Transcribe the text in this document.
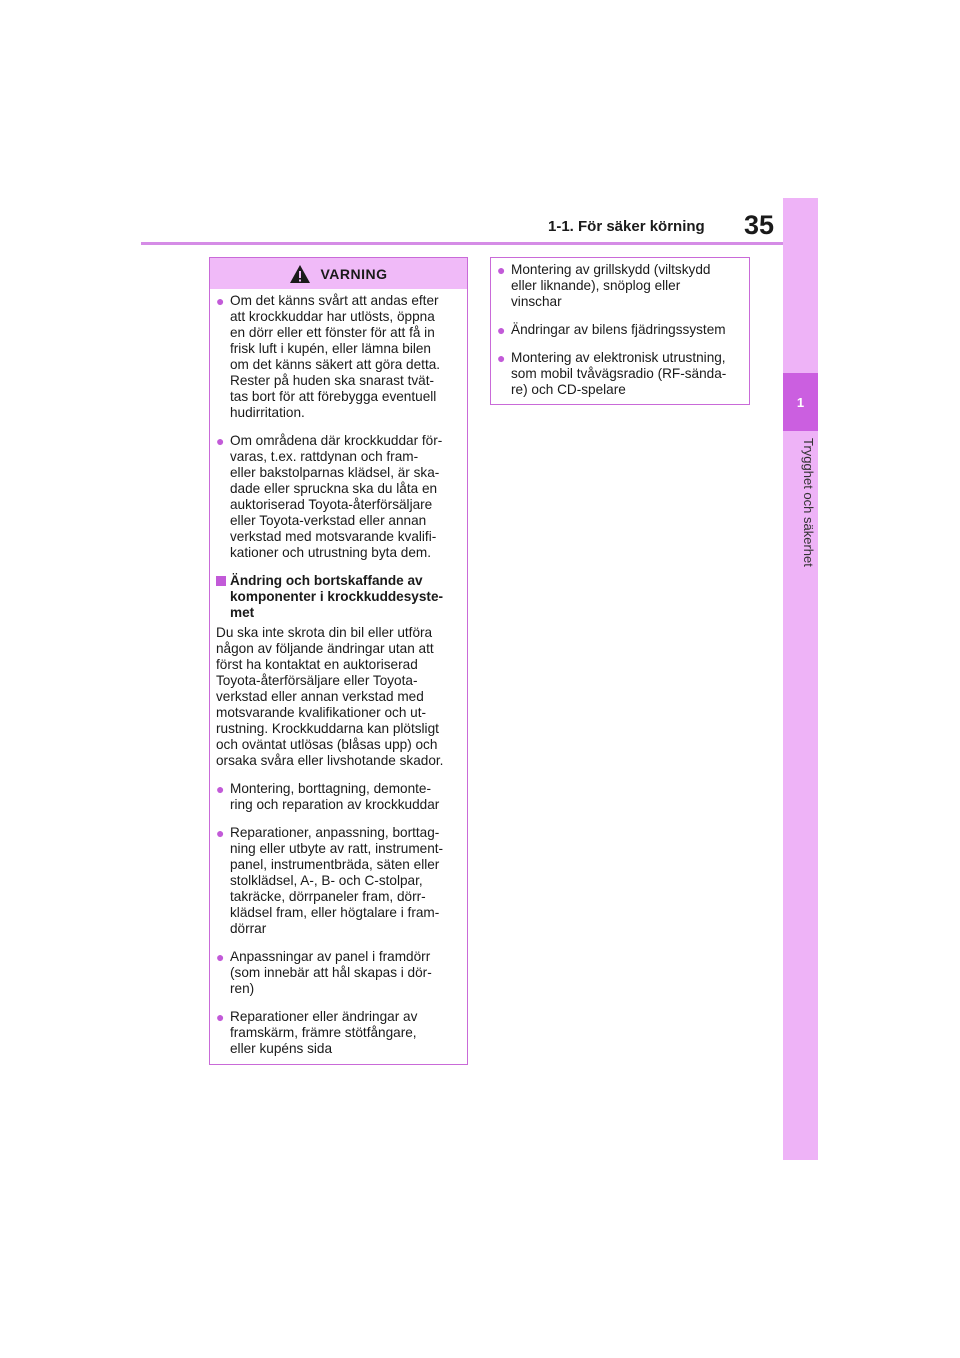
1-1. För säker körning 35
1
Trygghet och säkerhet
VARNING
● Om det känns svårt att andas efter
att krockkuddar har utlösts, öppna
en dörr eller ett fönster för att få in
frisk luft i kupén, eller lämna bilen
om det känns säkert att göra detta.
Rester på huden ska snarast tvät-
tas bort för att förebygga eventuell
hudirritation.
● Om områdena där krockkuddar för-
varas, t.ex. rattdynan och fram-
eller bakstolparnas klädsel, är ska-
dade eller spruckna ska du låta en
auktoriserad Toyota-återförsäljare
eller Toyota-verkstad eller annan
verkstad med motsvarande kvalifi-
kationer och utrustning byta dem.
Ändring och bortskaffande av
komponenter i krockkuddesyste-
met
Du ska inte skrota din bil eller utföra
någon av följande ändringar utan att
först ha kontaktat en auktoriserad
Toyota-återförsäljare eller Toyota-
verkstad eller annan verkstad med
motsvarande kvalifikationer och ut-
rustning. Krockkuddarna kan plötsligt
och oväntat utlösas (blåsas upp) och
orsaka svåra eller livshotande skador.
● Montering, borttagning, demonte-
ring och reparation av krockkuddar
● Reparationer, anpassning, borttag-
ning eller utbyte av ratt, instrument-
panel, instrumentbräda, säten eller
stolklädsel, A-, B- och C-stolpar,
takräcke, dörrpaneler fram, dörr-
klädsel fram, eller högtalare i fram-
dörrar
● Anpassningar av panel i framdörr
(som innebär att hål skapas i dör-
ren)
● Reparationer eller ändringar av
framskärm, främre stötfångare,
eller kupéns sida
● Montering av grillskydd (viltskydd
eller liknande), snöplog eller
vinschar
● Ändringar av bilens fjädringssystem
● Montering av elektronisk utrustning,
som mobil tvåvägsradio (RF-sända-
re) och CD-spelare
